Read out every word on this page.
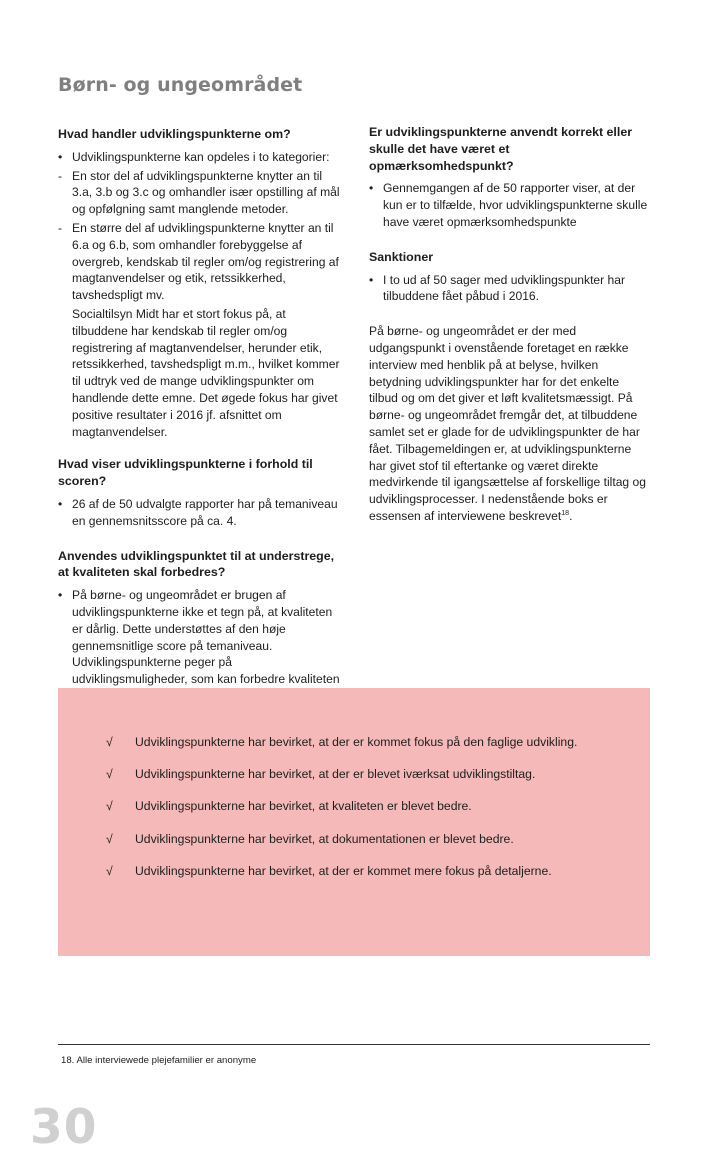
Børn- og ungeområdet
Hvad handler udviklingspunkterne om?
• Udviklingspunkterne kan opdeles i to kategorier:
- En stor del af udviklingspunkterne knytter an til 3.a, 3.b og 3.c og omhandler især opstilling af mål og opfølgning samt manglende metoder.
- En større del af udviklingspunkterne knytter an til 6.a og 6.b, som omhandler forebyggelse af overgreb, kendskab til regler om/og registrering af magtanvendelser og etik, retssikkerhed, tavshedspligt mv.

Socialtilsyn Midt har et stort fokus på, at tilbuddene har kendskab til regler om/og registrering af magtanvendelser, herunder etik, retssikkerhed, tavshedspligt m.m., hvilket kommer til udtryk ved de mange udviklingspunkter om handlende dette emne. Det øgede fokus har givet positive resultater i 2016 jf. afsnittet om magtanvendelser.

Hvad viser udviklingspunkterne i forhold til scoren?
• 26 af de 50 udvalgte rapporter har på temaniveau en gennemsnitsscore på ca. 4.
Anvendes udviklingspunktet til at understrege, at kvaliteten skal forbedres?
• På børne- og ungeområdet er brugen af udviklingspunkterne ikke et tegn på, at kvaliteten er dårlig. Dette understøttes af den høje gennemsnitlige score på temaniveau. Udviklingspunkterne peger på udviklingsmuligheder, som kan forbedre kvaliteten
Er udviklingspunkterne anvendt korrekt eller skulle det have været et opmærksomhedspunkt?
• Gennemgangen af de 50 rapporter viser, at der kun er to tilfælde, hvor udviklingspunkterne skulle have været opmærksomhedspunkte
Sanktioner
• I to ud af 50 sager med udviklingspunkter har tilbuddene fået påbud i 2016.

På børne- og ungeområdet er der med udgangspunkt i ovenstående foretaget en række interview med henblik på at belyse, hvilken betydning udviklingspunkter har for det enkelte tilbud og om det giver et løft kvalitetsmæssigt. På børne- og ungeområdet fremgår det, at tilbuddene samlet set er glade for de udviklingspunkter de har fået. Tilbagemeldingen er, at udviklingspunkterne har givet stof til eftertanke og været direkte medvirkende til igangsættelse af forskellige tiltag og udviklingsprocesser. I nedenstående boks er essensen af interviewene beskrevet$^{18}$.

√ Udviklingspunkterne har bevirket, at der er kommet fokus på den faglige udvikling.
√ Udviklingspunkterne har bevirket, at der er blevet iværksat udviklingstiltag.
√ Udviklingspunkterne har bevirket, at kvaliteten er blevet bedre.
√ Udviklingspunkterne har bevirket, at dokumentationen er blevet bedre.
√ Udviklingspunkterne har bevirket, at der er kommet mere fokus på detaljerne.
18. Alle interviewede plejefamilier er anonyme
30
